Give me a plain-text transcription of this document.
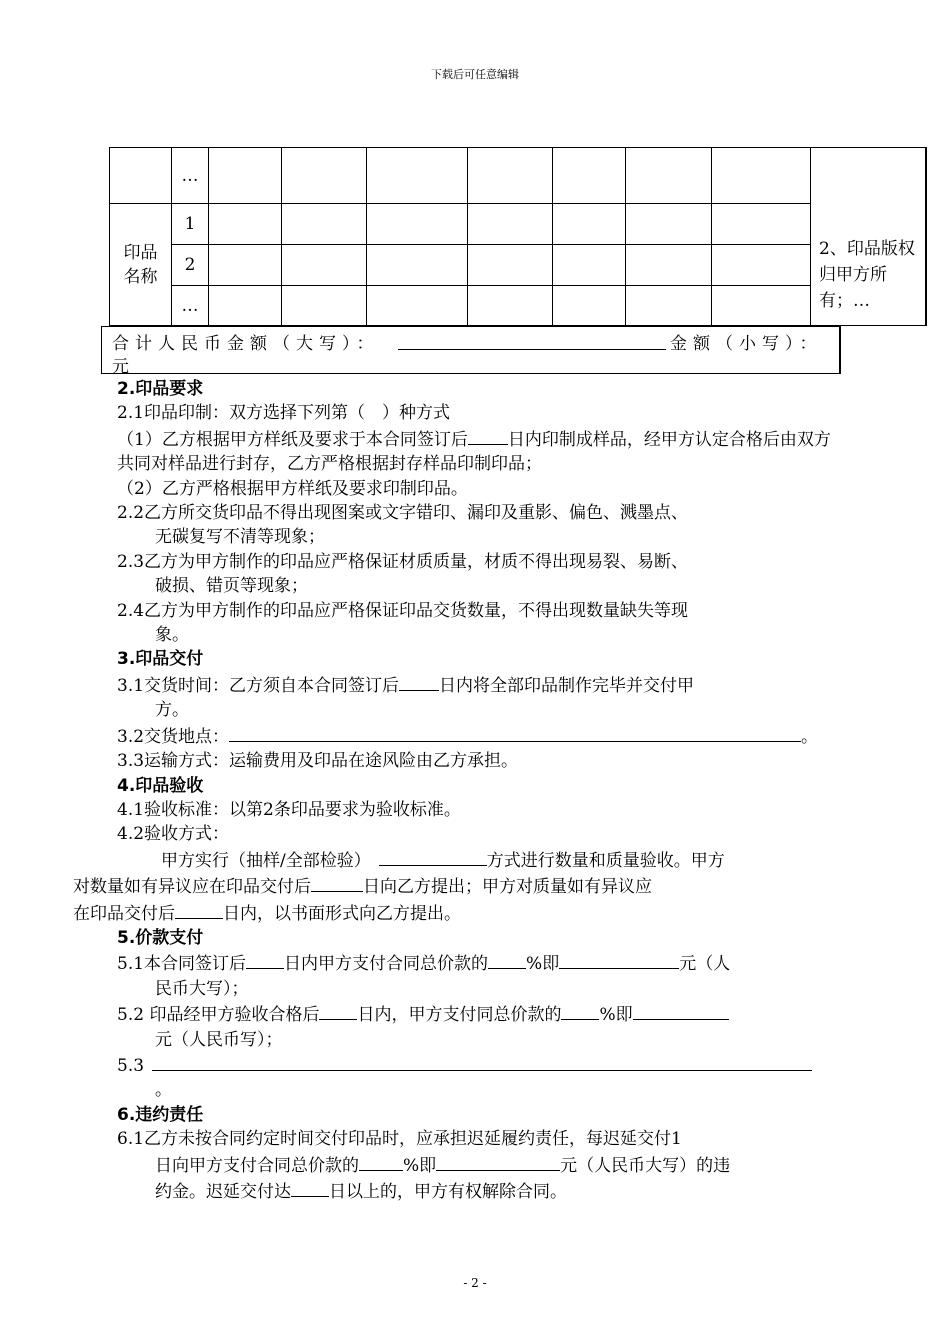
下载后可任意编辑
	…								2、印品版权归甲方所有；…
印品名称	1								
	2								
	…								
合计人民币金额（大写）：	金额（小写）：
元

2.印品要求

2.1印品印制：双方选择下列第（　）种方式

（1）乙方根据甲方样纸及要求于本合同签订后 日内印制成样品，经甲方认定合格后由双方共同对样品进行封存，乙方严格根据封存样品印制印品；

（2）乙方严格根据甲方样纸及要求印制印品。

2.2乙方所交货印品不得出现图案或文字错印、漏印及重影、偏色、溅墨点、

无碳复写不清等现象；

2.3乙方为甲方制作的印品应严格保证材质质量，材质不得出现易裂、易断、

破损、错页等现象；

2.4乙方为甲方制作的印品应严格保证印品交货数量，不得出现数量缺失等现

象。

3.印品交付

3.1交货时间：乙方须自本合同签订后 日内将全部印品制作完毕并交付甲

方。

3.2交货地点：	。

3.3运输方式：运输费用及印品在途风险由乙方承担。

4.印品验收

4.1验收标准：以第2条印品要求为验收标准。

4.2验收方式：

甲方实行（抽样/全部检验）	方式进行数量和质量验收。甲方
对数量如有异议应在印品交付后	日向乙方提出；甲方对质量如有异议应
在印品交付后	日内，以书面形式向乙方提出。

5.价款支付

5.1本合同签订后 日内甲方支付合同总价款的 %即	元（人

民币大写）；

5.2 印品经甲方验收合格后 日内，甲方支付同总价款的 %即

元（人民币写）；

5.3

。

6.违约责任

6.1乙方未按合同约定时间交付印品时，应承担迟延履约责任，每迟延交付1

日向甲方支付合同总价款的	%即	元（人民币大写）的违

约金。迟延交付达 日以上的，甲方有权解除合同。

- 2 -
